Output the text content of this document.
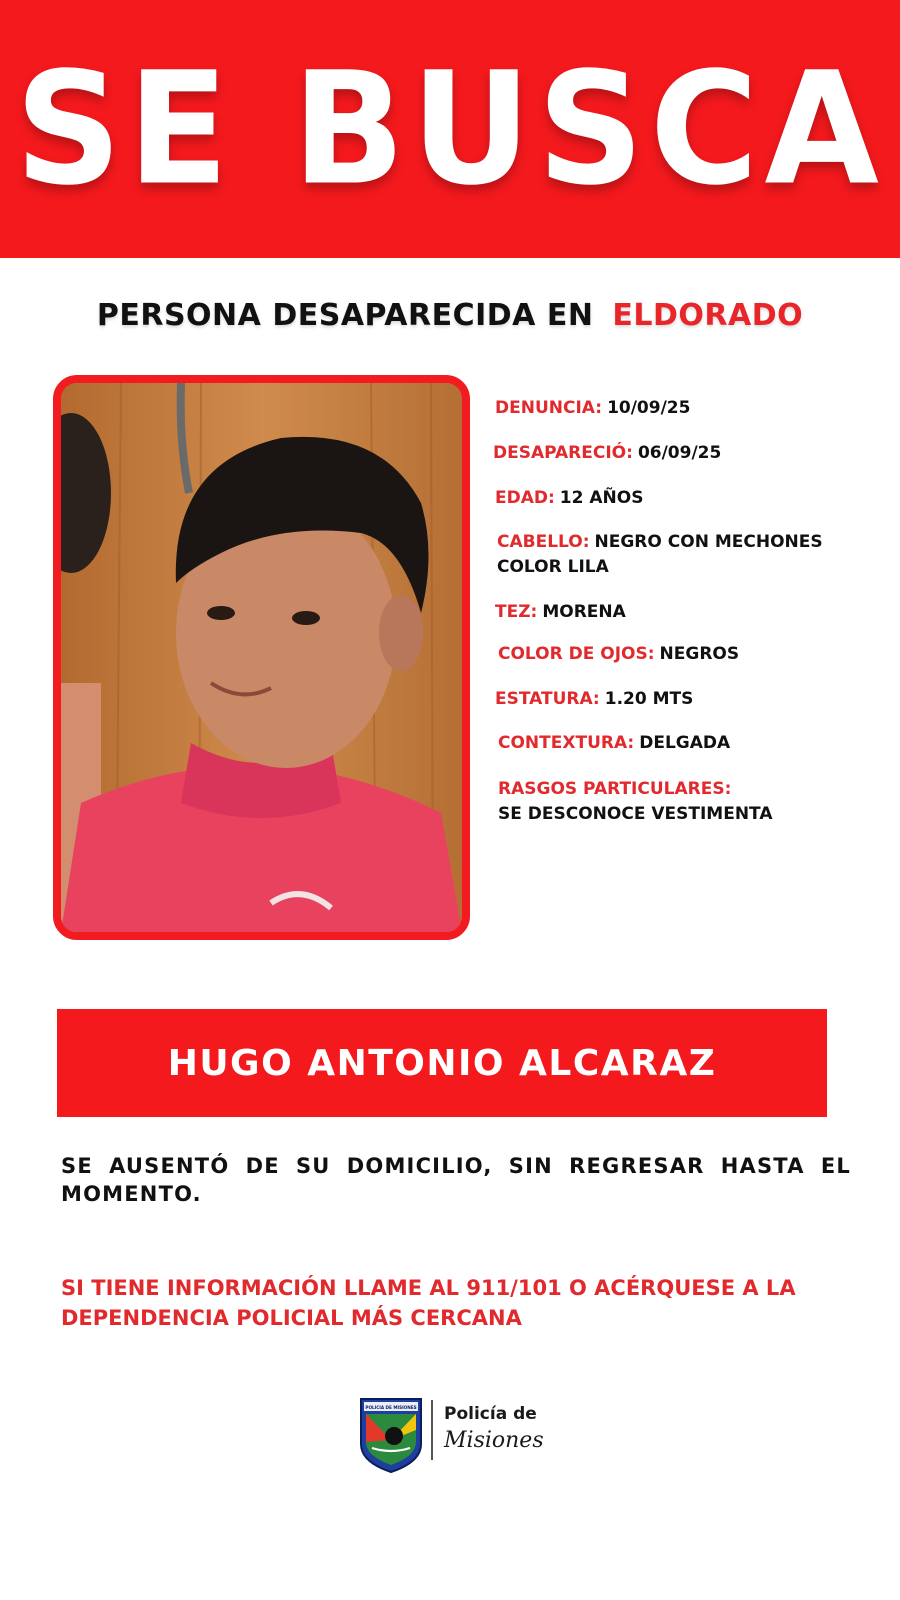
SE BUSCA
PERSONA DESAPARECIDA EN ELDORADO
DENUNCIA: 10/09/25
DESAPARECIÓ: 06/09/25
EDAD: 12 AÑOS
CABELLO: NEGRO CON MECHONES COLOR LILA
TEZ: MORENA
COLOR DE OJOS: NEGROS
ESTATURA: 1.20 MTS
CONTEXTURA: DELGADA
RASGOS PARTICULARES:
SE DESCONOCE VESTIMENTA
HUGO ANTONIO ALCARAZ
SE AUSENTÓ DE SU DOMICILIO, SIN REGRESAR HASTA EL MOMENTO.
SI TIENE INFORMACIÓN LLAME AL 911/101 O ACÉRQUESE A LA DEPENDENCIA POLICIAL MÁS CERCANA
POLICIA DE MISIONES Policía de
Misiones
